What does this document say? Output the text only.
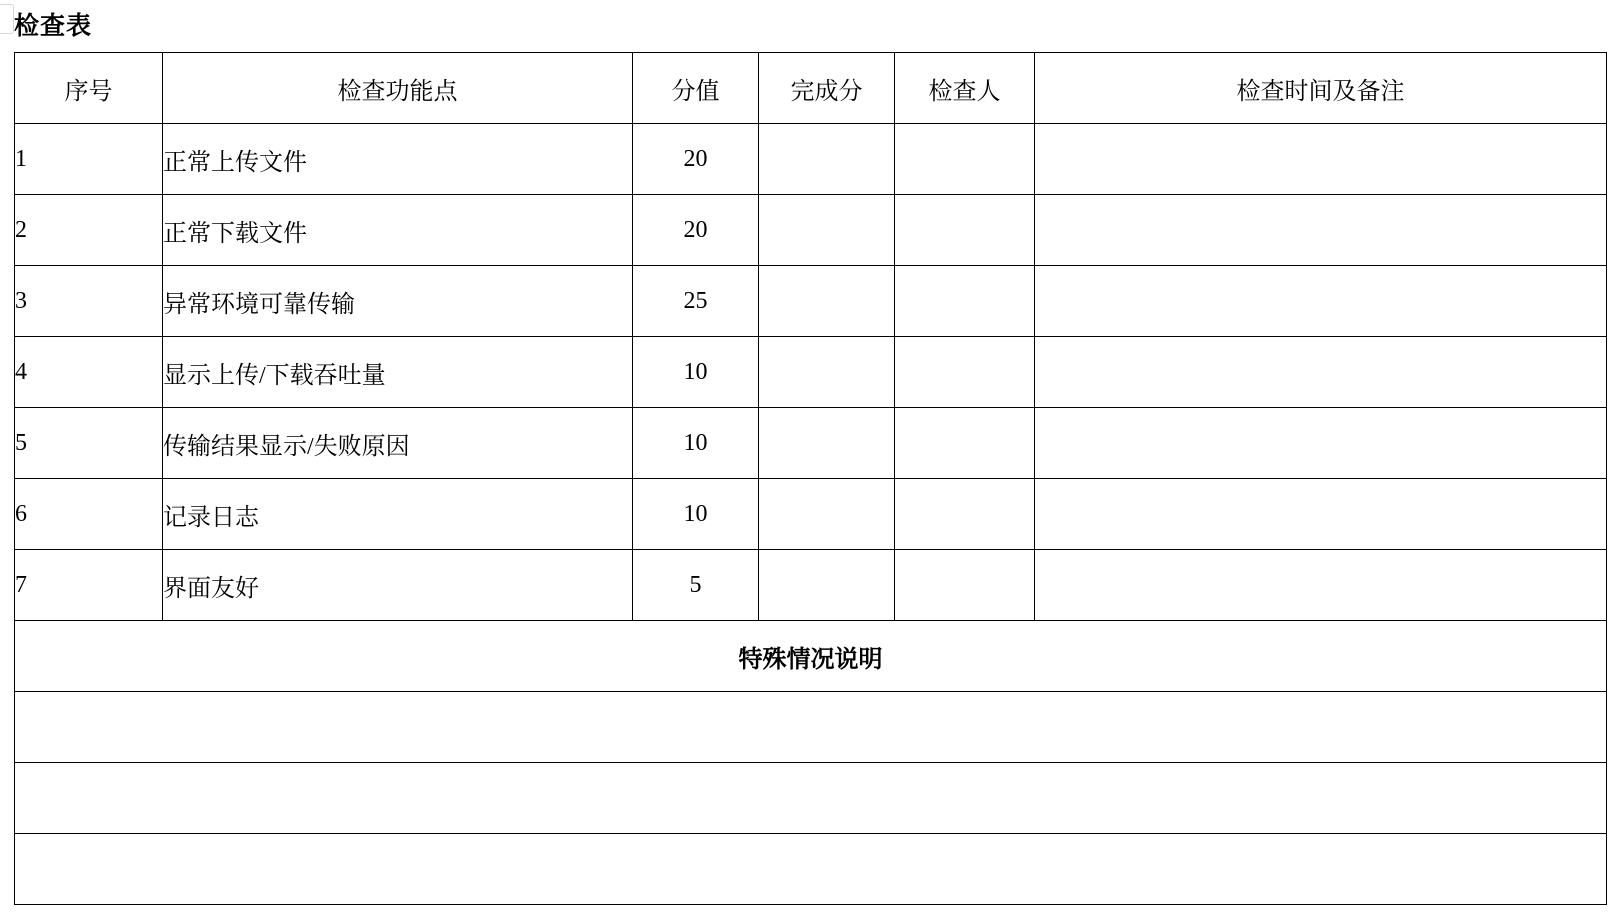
检查表
序号	检查功能点	分值	完成分	检查人	检查时间及备注
1	正常上传文件	20			
2	正常下载文件	20			
3	异常环境可靠传输	25			
4	显示上传/下载吞吐量	10			
5	传输结果显示/失败原因	10			
6	记录日志	10			
7	界面友好	5			
特殊情况说明					
